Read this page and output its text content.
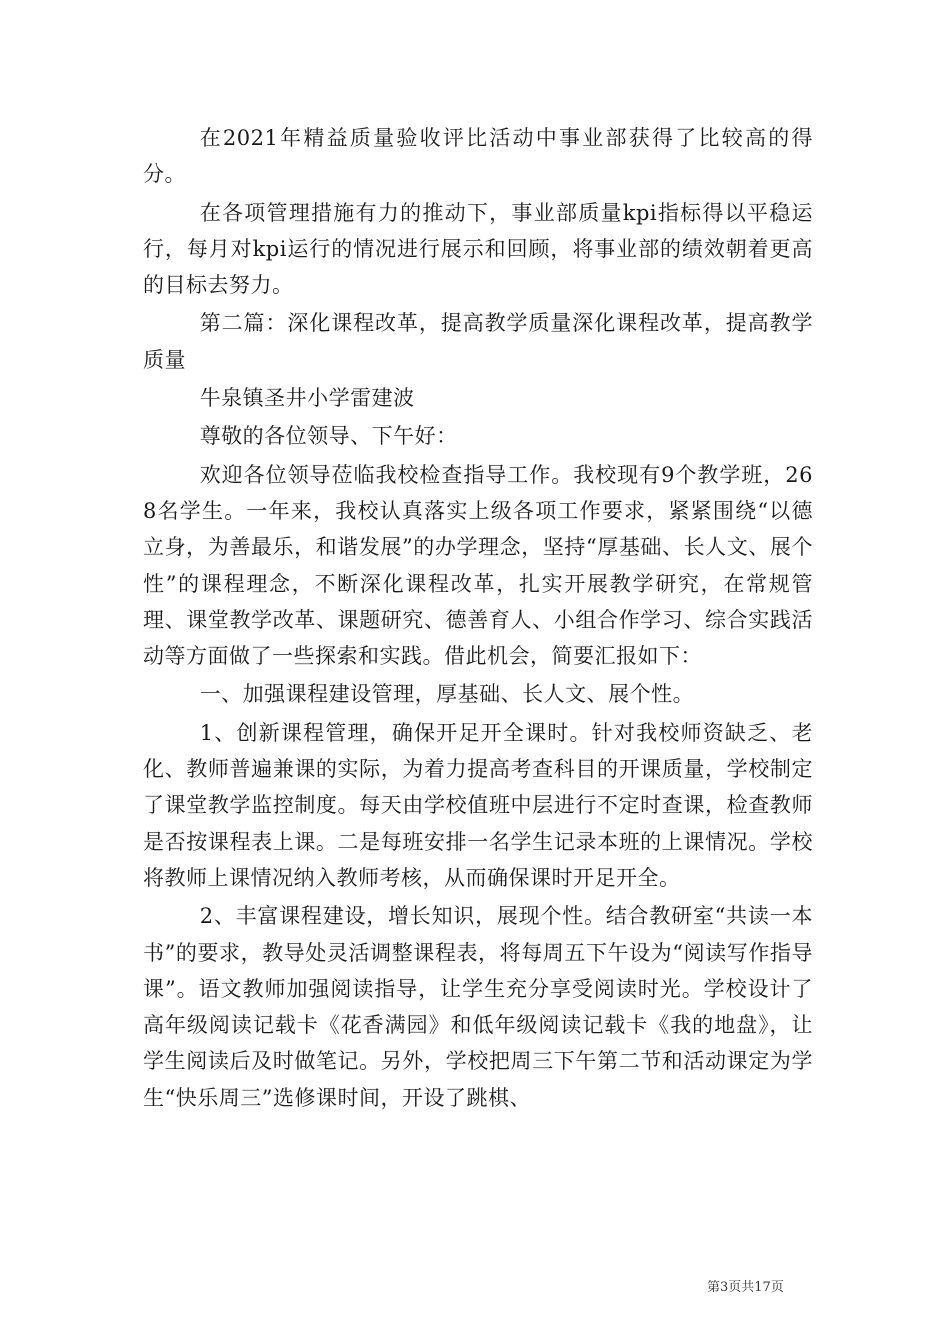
在2021年精益质量验收评比活动中事业部获得了比较高的得分。

在各项管理措施有力的推动下，事业部质量kpi指标得以平稳运行，每月对kpi运行的情况进行展示和回顾，将事业部的绩效朝着更高的目标去努力。

第二篇：深化课程改革，提高教学质量深化课程改革，提高教学质量

牛泉镇圣井小学雷建波

尊敬的各位领导、下午好：

欢迎各位领导莅临我校检查指导工作。我校现有9个教学班，268名学生。一年来，我校认真落实上级各项工作要求，紧紧围绕“以德立身，为善最乐，和谐发展”的办学理念，坚持“厚基础、长人文、展个性”的课程理念，不断深化课程改革，扎实开展教学研究，在常规管理、课堂教学改革、课题研究、德善育人、小组合作学习、综合实践活动等方面做了一些探索和实践。借此机会，简要汇报如下：

一、加强课程建设管理，厚基础、长人文、展个性。

1、创新课程管理，确保开足开全课时。针对我校师资缺乏、老化、教师普遍兼课的实际，为着力提高考查科目的开课质量，学校制定了课堂教学监控制度。每天由学校值班中层进行不定时查课，检查教师是否按课程表上课。二是每班安排一名学生记录本班的上课情况。学校将教师上课情况纳入教师考核，从而确保课时开足开全。

2、丰富课程建设，增长知识，展现个性。结合教研室“共读一本书”的要求，教导处灵活调整课程表，将每周五下午设为“阅读写作指导课”。语文教师加强阅读指导，让学生充分享受阅读时光。学校设计了高年级阅读记载卡《花香满园》和低年级阅读记载卡《我的地盘》，让学生阅读后及时做笔记。另外，学校把周三下午第二节和活动课定为学生“快乐周三”选修课时间，开设了跳棋、

第3页共17页
